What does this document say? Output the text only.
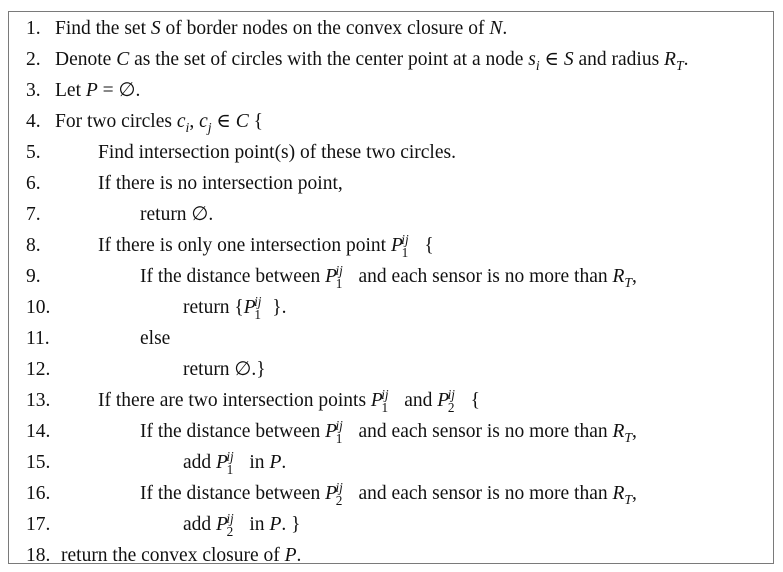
1. Find the set S of border nodes on the convex closure of N.
2. Denote C as the set of circles with the center point at a node $s_i$ ∈ S and radius $R_T$.
3. Let P = ∅.
4. For two circles $c_i$, $c_j$ ∈ C {
5.	Find intersection point(s) of these two circles.
6.	If there is no intersection point,
7.	return ∅.
8.	If there is only one intersection point P
ij
1 {
9.	If the distance between P
ij
1 and each sensor is no more than $R_T$,
10.	return {P
ij
1 }.
11.	else
12.	return ∅.}
13. If there are two intersection points P
ij
1 and P
ij
2 {
14.	If the distance between P
ij
1 and each sensor is no more than $R_T$,
15.	add P
ij
1 in P.
16.	If the distance between P
ij
2 and each sensor is no more than $R_T$,
17.	add P
ij
2 in P. }
18. return the convex closure of P.
